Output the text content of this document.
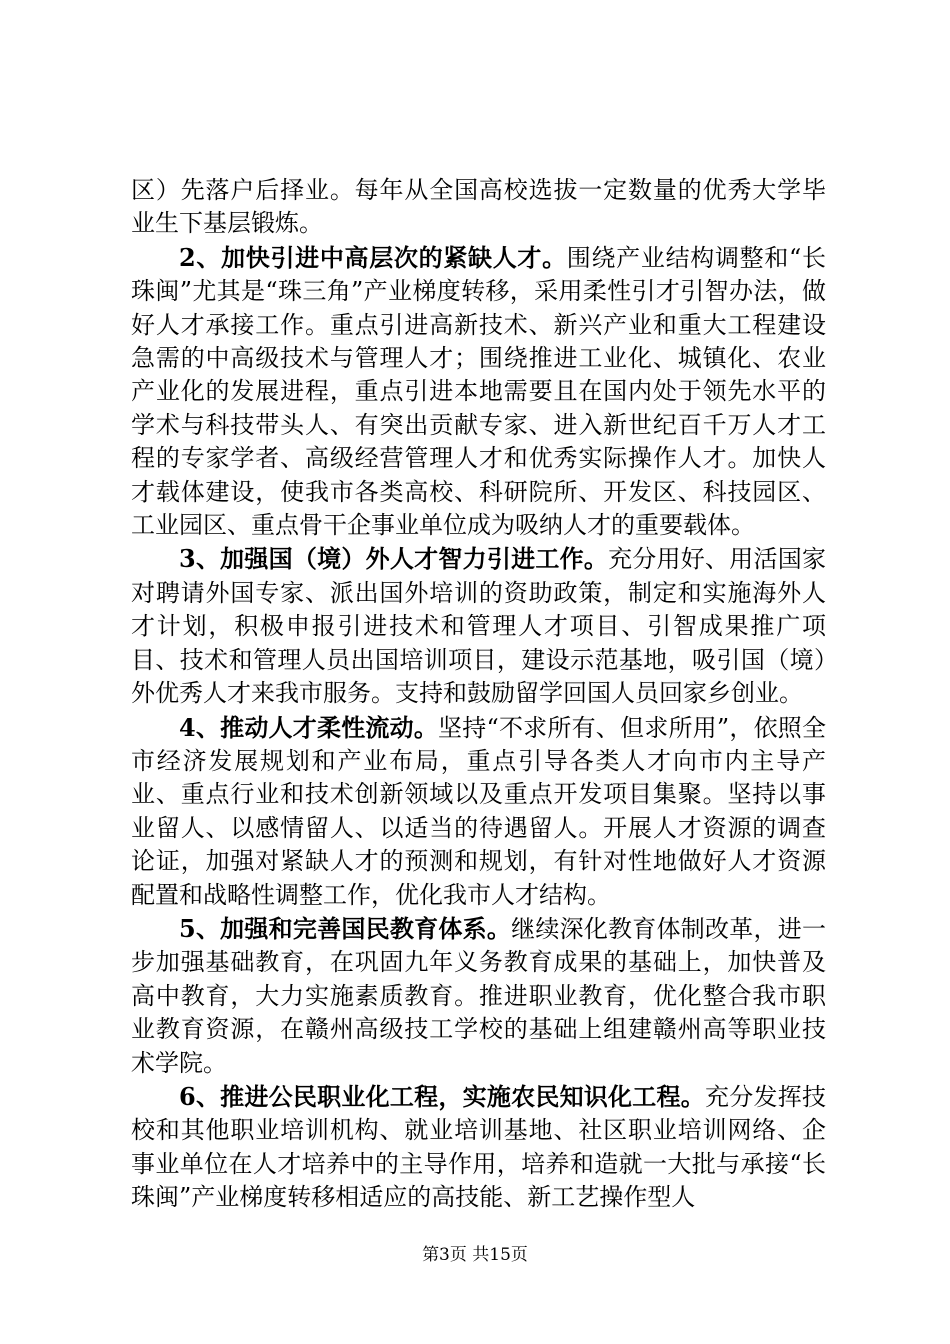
区）先落户后择业。每年从全国高校选拔一定数量的优秀大学毕业生下基层锻炼。

2、加快引进中高层次的紧缺人才。围绕产业结构调整和“长珠闽”尤其是“珠三角”产业梯度转移，采用柔性引才引智办法，做好人才承接工作。重点引进高新技术、新兴产业和重大工程建设急需的中高级技术与管理人才；围绕推进工业化、城镇化、农业产业化的发展进程，重点引进本地需要且在国内处于领先水平的学术与科技带头人、有突出贡献专家、进入新世纪百千万人才工程的专家学者、高级经营管理人才和优秀实际操作人才。加快人才载体建设，使我市各类高校、科研院所、开发区、科技园区、工业园区、重点骨干企事业单位成为吸纳人才的重要载体。

3、加强国（境）外人才智力引进工作。充分用好、用活国家对聘请外国专家、派出国外培训的资助政策，制定和实施海外人才计划，积极申报引进技术和管理人才项目、引智成果推广项目、技术和管理人员出国培训项目，建设示范基地，吸引国（境）外优秀人才来我市服务。支持和鼓励留学回国人员回家乡创业。

4、推动人才柔性流动。坚持“不求所有、但求所用”，依照全市经济发展规划和产业布局，重点引导各类人才向市内主导产业、重点行业和技术创新领域以及重点开发项目集聚。坚持以事业留人、以感情留人、以适当的待遇留人。开展人才资源的调查论证，加强对紧缺人才的预测和规划，有针对性地做好人才资源配置和战略性调整工作，优化我市人才结构。

5、加强和完善国民教育体系。继续深化教育体制改革，进一步加强基础教育，在巩固九年义务教育成果的基础上，加快普及高中教育，大力实施素质教育。推进职业教育，优化整合我市职业教育资源，在赣州高级技工学校的基础上组建赣州高等职业技术学院。

6、推进公民职业化工程，实施农民知识化工程。充分发挥技校和其他职业培训机构、就业培训基地、社区职业培训网络、企事业单位在人才培养中的主导作用，培养和造就一大批与承接“长珠闽”产业梯度转移相适应的高技能、新工艺操作型人

第3页 共15页
